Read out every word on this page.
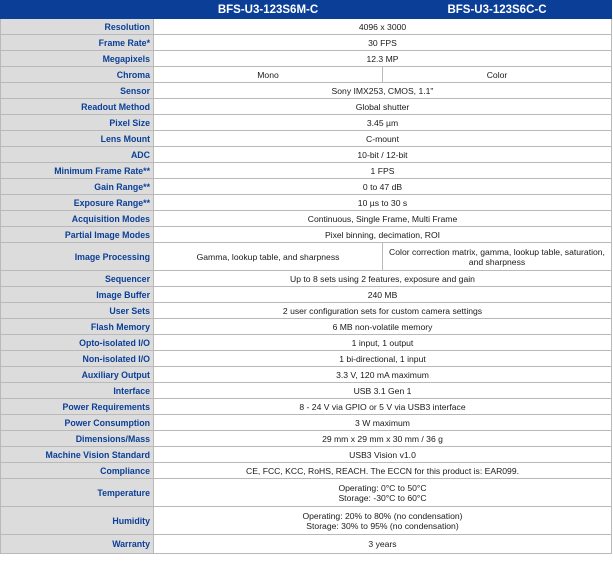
	BFS-U3-123S6M-C	BFS-U3-123S6C-C
Resolution	4096 x 3000	
Frame Rate*	30 FPS	
Megapixels	12.3 MP	
Chroma	Mono	Color
Sensor	Sony IMX253, CMOS, 1.1"	
Readout Method	Global shutter	
Pixel Size	3.45 µm	
Lens Mount	C-mount	
ADC	10-bit / 12-bit	
Minimum Frame Rate**	1 FPS	
Gain Range**	0 to 47 dB	
Exposure Range**	10 µs to 30 s	
Acquisition Modes	Continuous, Single Frame, Multi Frame	
Partial Image Modes	Pixel binning, decimation, ROI	
Image Processing	Gamma, lookup table, and sharpness	Color correction matrix, gamma, lookup table, saturation, and sharpness
Sequencer	Up to 8 sets using 2 features, exposure and gain	
Image Buffer	240 MB	
User Sets	2 user configuration sets for custom camera settings	
Flash Memory	6 MB non-volatile memory	
Opto-isolated I/O	1 input, 1 output	
Non-isolated I/O	1 bi-directional, 1 input	
Auxiliary Output	3.3 V, 120 mA maximum	
Interface	USB 3.1 Gen 1	
Power Requirements	8 - 24 V via GPIO or 5 V via USB3 interface	
Power Consumption	3 W maximum	
Dimensions/Mass	29 mm x 29 mm x 30 mm / 36 g	
Machine Vision Standard	USB3 Vision v1.0	
Compliance	CE, FCC, KCC, RoHS, REACH. The ECCN for this product is: EAR099.	
Temperature	Operating: 0°C to 50°C
Storage: -30°C to 60°C	

Humidity	Operating: 20% to 80% (no condensation)
Storage: 30% to 95% (no condensation)	

Warranty	3 years	
